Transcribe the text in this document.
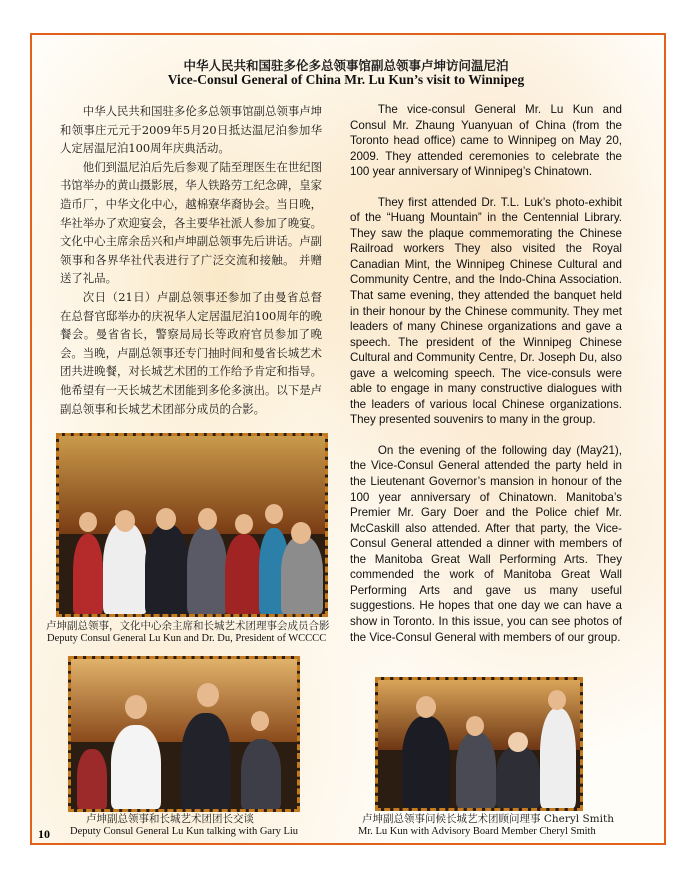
中华人民共和国驻多伦多总领事馆副总领事卢坤访问温尼泊
Vice-Consul General of China Mr. Lu Kun’s visit to Winnipeg

中华人民共和国驻多伦多总领事馆副总领事卢坤和领事庄元元于2009年5月20日抵达温尼泊参加华人定居温尼泊100周年庆典活动。

他们到温尼泊后先后参观了陆至理医生在世纪图书馆举办的黄山摄影展，华人铁路劳工纪念碑，皇家造币厂，中华文化中心，越棉寮华裔协会。当日晚，华社举办了欢迎宴会，各主要华社派人参加了晚宴。文化中心主席余岳兴和卢坤副总领事先后讲话。卢副领事和各界华社代表进行了广泛交流和接触。 并赠送了礼品。

次日（21日）卢副总领事还参加了由曼省总督在总督官邸举办的庆祝华人定居温尼泊100周年的晚餐会。曼省省长，警察局局长等政府官员参加了晚会。当晚，卢副总领事还专门抽时间和曼省长城艺术团共进晚餐，对长城艺术团的工作给予肯定和指导。他希望有一天长城艺术团能到多伦多演出。以下是卢副总领事和长城艺术团部分成员的合影。

The vice-consul General Mr. Lu Kun and Consul Mr. Zhaung Yuanyuan of China (from the Toronto head office) came to Winnipeg on May 20, 2009. They attended ceremonies to celebrate the 100 year anniversary of Winnipeg’s Chinatown.

They first attended Dr. T.L. Luk’s photo-exhibit of the “Huang Mountain” in the Centennial Library. They saw the plaque commemorating the Chinese Railroad workers They also visited the Royal Canadian Mint, the Winnipeg Chinese Cultural and Community Centre, and the Indo-China Association. That same evening, they attended the banquet held in their honour by the Chinese community. They met leaders of many Chinese organizations and gave a speech. The president of the Winnipeg Chinese Cultural and Community Centre, Dr. Joseph Du, also gave a welcoming speech. The vice-consuls were able to engage in many constructive dialogues with the leaders of various local Chinese organizations. They presented souvenirs to many in the group.

On the evening of the following day (May21), the Vice-Consul General attended the party held in the Lieutenant Governor’s mansion in honour of the 100 year anniversary of Chinatown. Manitoba’s Premier Mr. Gary Doer and the Police chief Mr. McCaskill also attended. After that party, the Vice-Consul General attended a dinner with members of the Manitoba Great Wall Performing Arts. They commended the work of Manitoba Great Wall Performing Arts and gave us many useful suggestions. He hopes that one day we can have a show in Toronto. In this issue, you can see photos of the Vice-Consul General with members of our group.

卢坤副总领事，文化中心余主席和长城艺术团理事会成员合影
Deputy Consul General Lu Kun and Dr. Du, President of WCCCC
卢坤副总领事和长城艺术团团长交谈
Deputy Consul General Lu Kun talking with Gary Liu
卢坤副总领事问候长城艺术团顾问理事 Cheryl Smith
Mr. Lu Kun with Advisory Board Member Cheryl Smith
10
